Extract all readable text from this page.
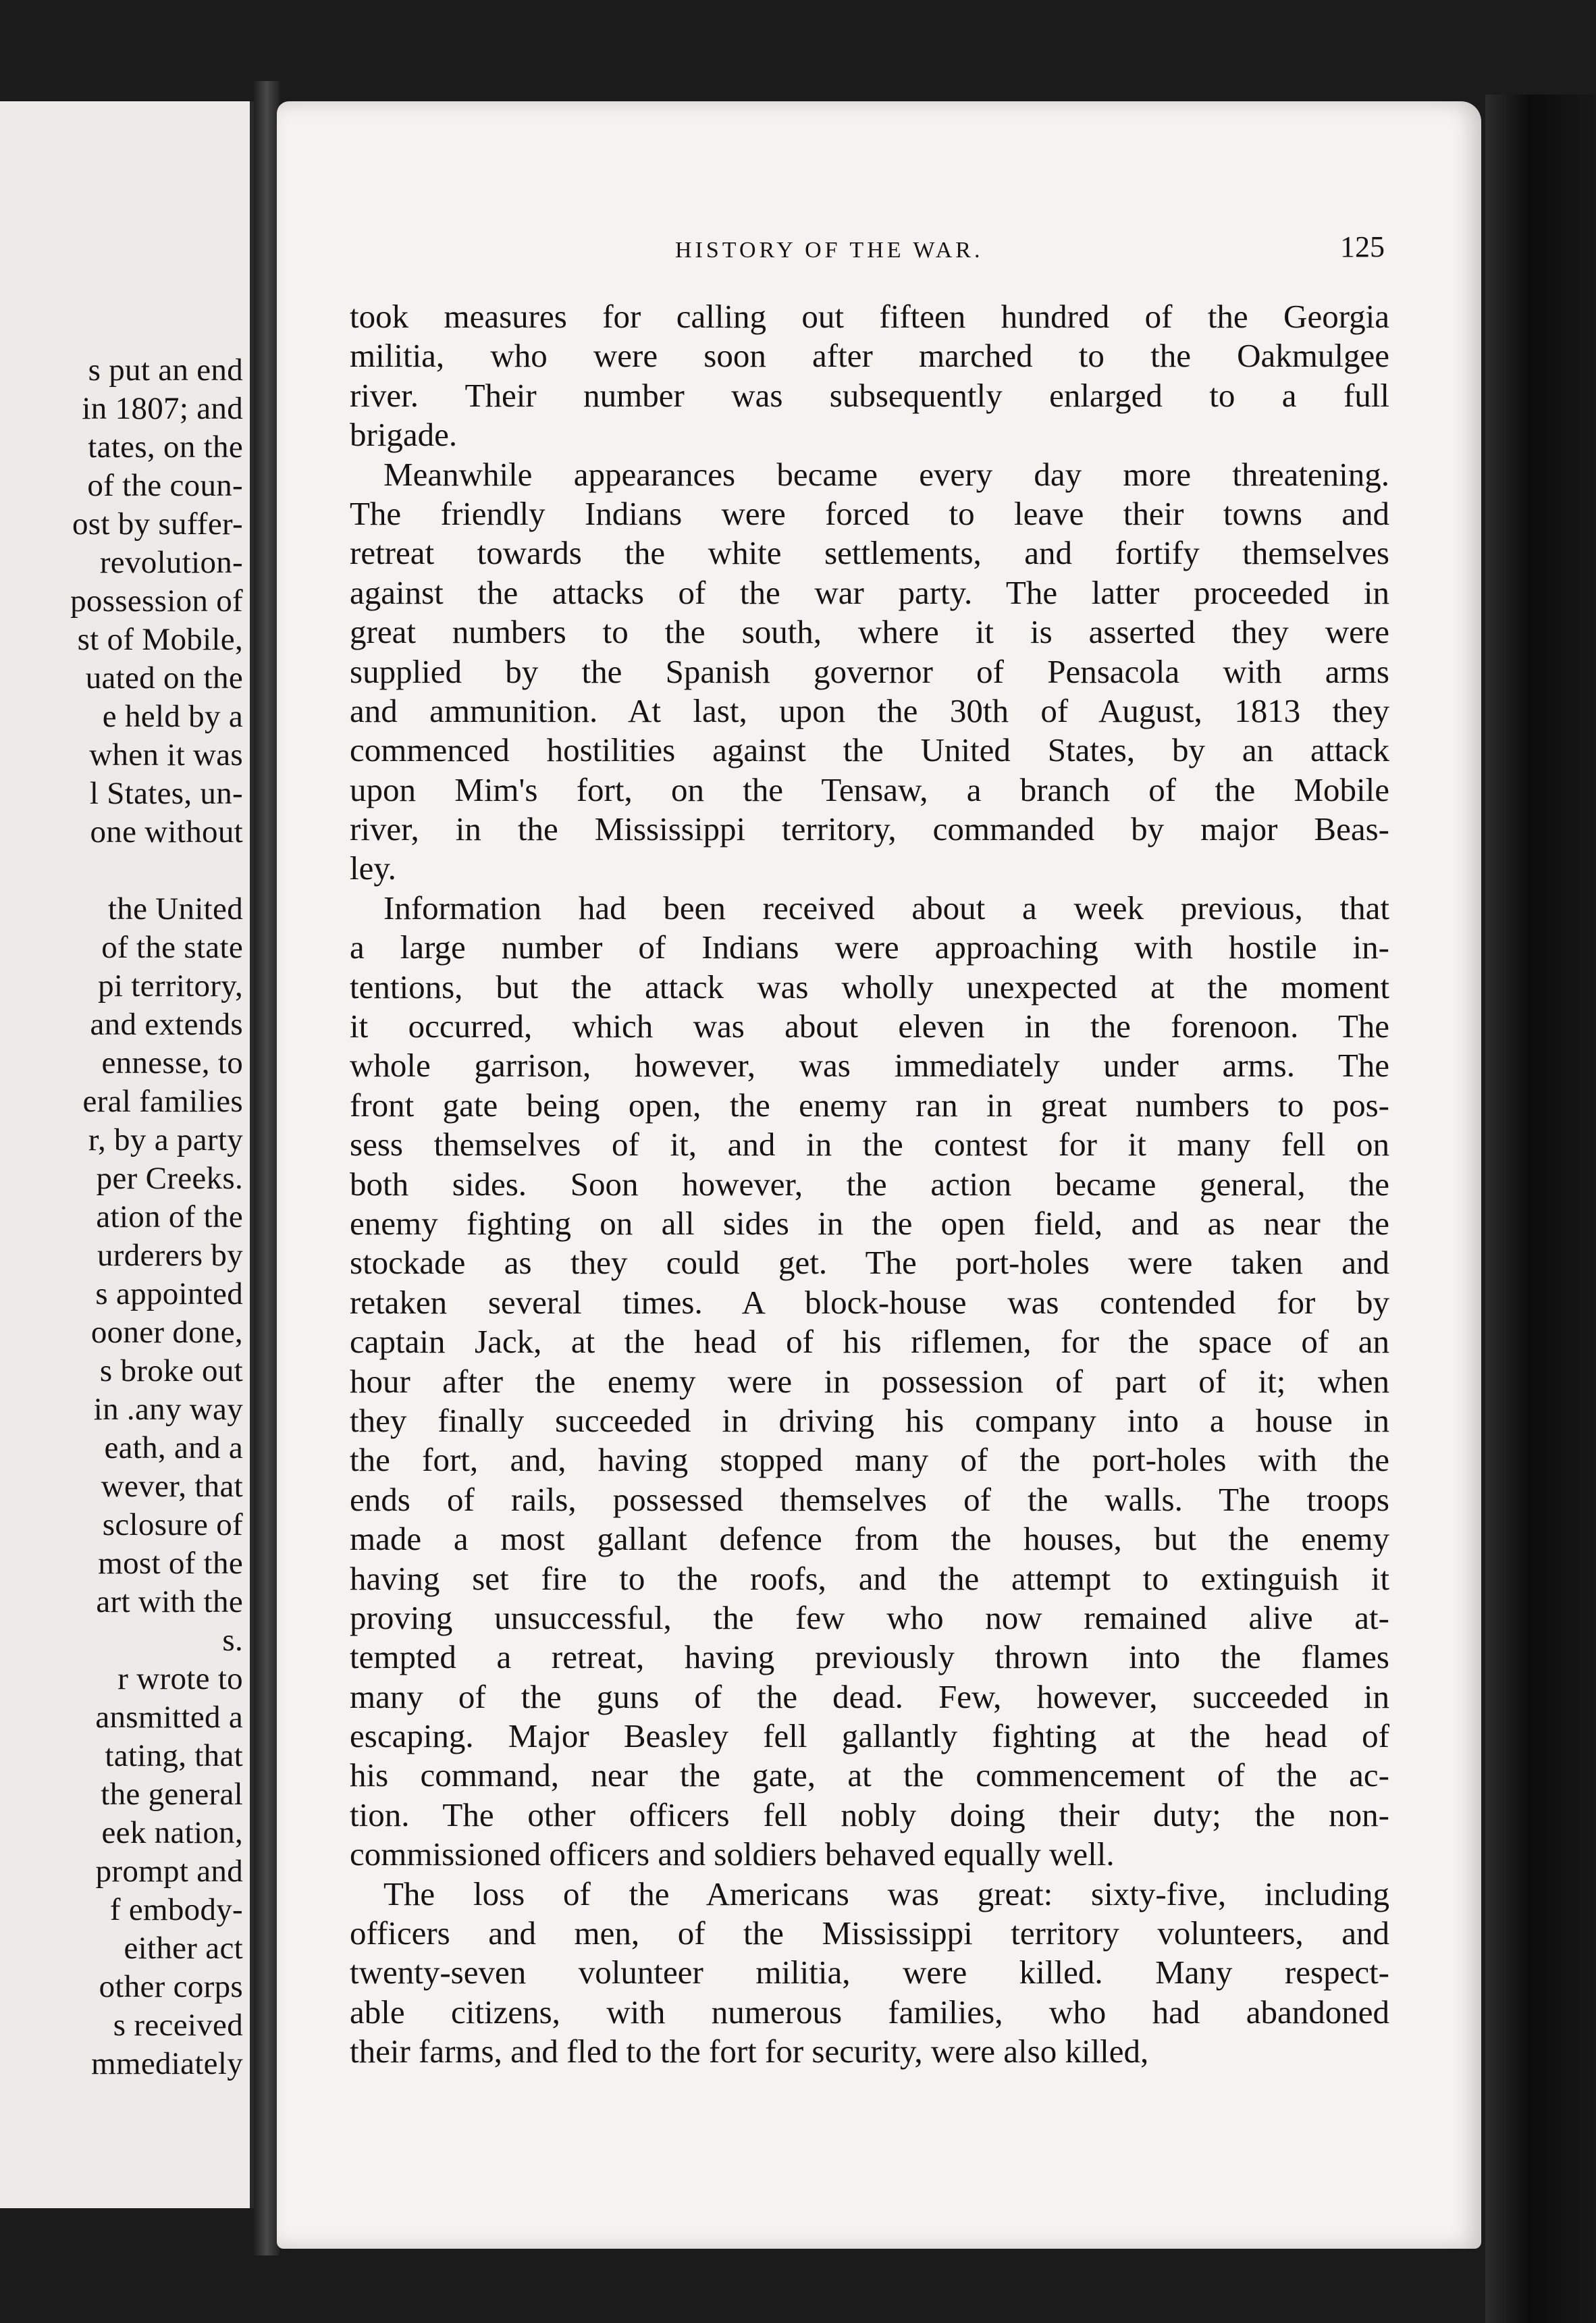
s put an end
in 1807; and
tates, on the
of the coun-
ost by suffer-
revolution-
possession of
st of Mobile,
uated on the
e held by a
when it was
l States, un-
one without
the United
of the state
pi territory,
and extends
ennesse, to
eral families
r, by a party
per Creeks.
ation of the
urderers by
s appointed
ooner done,
s broke out
in .any way
eath, and a
wever, that
sclosure of
most of the
art with the
s.
r wrote to
ansmitted a
tating, that
the general
eek nation,
prompt and
f embody-
either act
other corps
s received
mmediately
HISTORY OF THE WAR.	125
took measures for calling out fifteen hundred of the Georgia
militia, who were soon after marched to the Oakmulgee
river. Their number was subsequently enlarged to a full
brigade.
Meanwhile appearances became every day more threatening.
The friendly Indians were forced to leave their towns and
retreat towards the white settlements, and fortify themselves
against the attacks of the war party. The latter proceeded in
great numbers to the south, where it is asserted they were
supplied by the Spanish governor of Pensacola with arms
and ammunition. At last, upon the 30th of August, 1813 they
commenced hostilities against the United States, by an attack
upon Mim's fort, on the Tensaw, a branch of the Mobile
river, in the Mississippi territory, commanded by major Beas-
ley.
Information had been received about a week previous, that
a large number of Indians were approaching with hostile in-
tentions, but the attack was wholly unexpected at the moment
it occurred, which was about eleven in the forenoon. The
whole garrison, however, was immediately under arms. The
front gate being open, the enemy ran in great numbers to pos-
sess themselves of it, and in the contest for it many fell on
both sides. Soon however, the action became general, the
enemy fighting on all sides in the open field, and as near the
stockade as they could get. The port-holes were taken and
retaken several times. A block-house was contended for by
captain Jack, at the head of his riflemen, for the space of an
hour after the enemy were in possession of part of it; when
they finally succeeded in driving his company into a house in
the fort, and, having stopped many of the port-holes with the
ends of rails, possessed themselves of the walls. The troops
made a most gallant defence from the houses, but the enemy
having set fire to the roofs, and the attempt to extinguish it
proving unsuccessful, the few who now remained alive at-
tempted a retreat, having previously thrown into the flames
many of the guns of the dead. Few, however, succeeded in
escaping. Major Beasley fell gallantly fighting at the head of
his command, near the gate, at the commencement of the ac-
tion. The other officers fell nobly doing their duty; the non-
commissioned officers and soldiers behaved equally well.
The loss of the Americans was great: sixty-five, including
officers and men, of the Mississippi territory volunteers, and
twenty-seven volunteer militia, were killed. Many respect-
able citizens, with numerous families, who had abandoned
their farms, and fled to the fort for security, were also killed,
